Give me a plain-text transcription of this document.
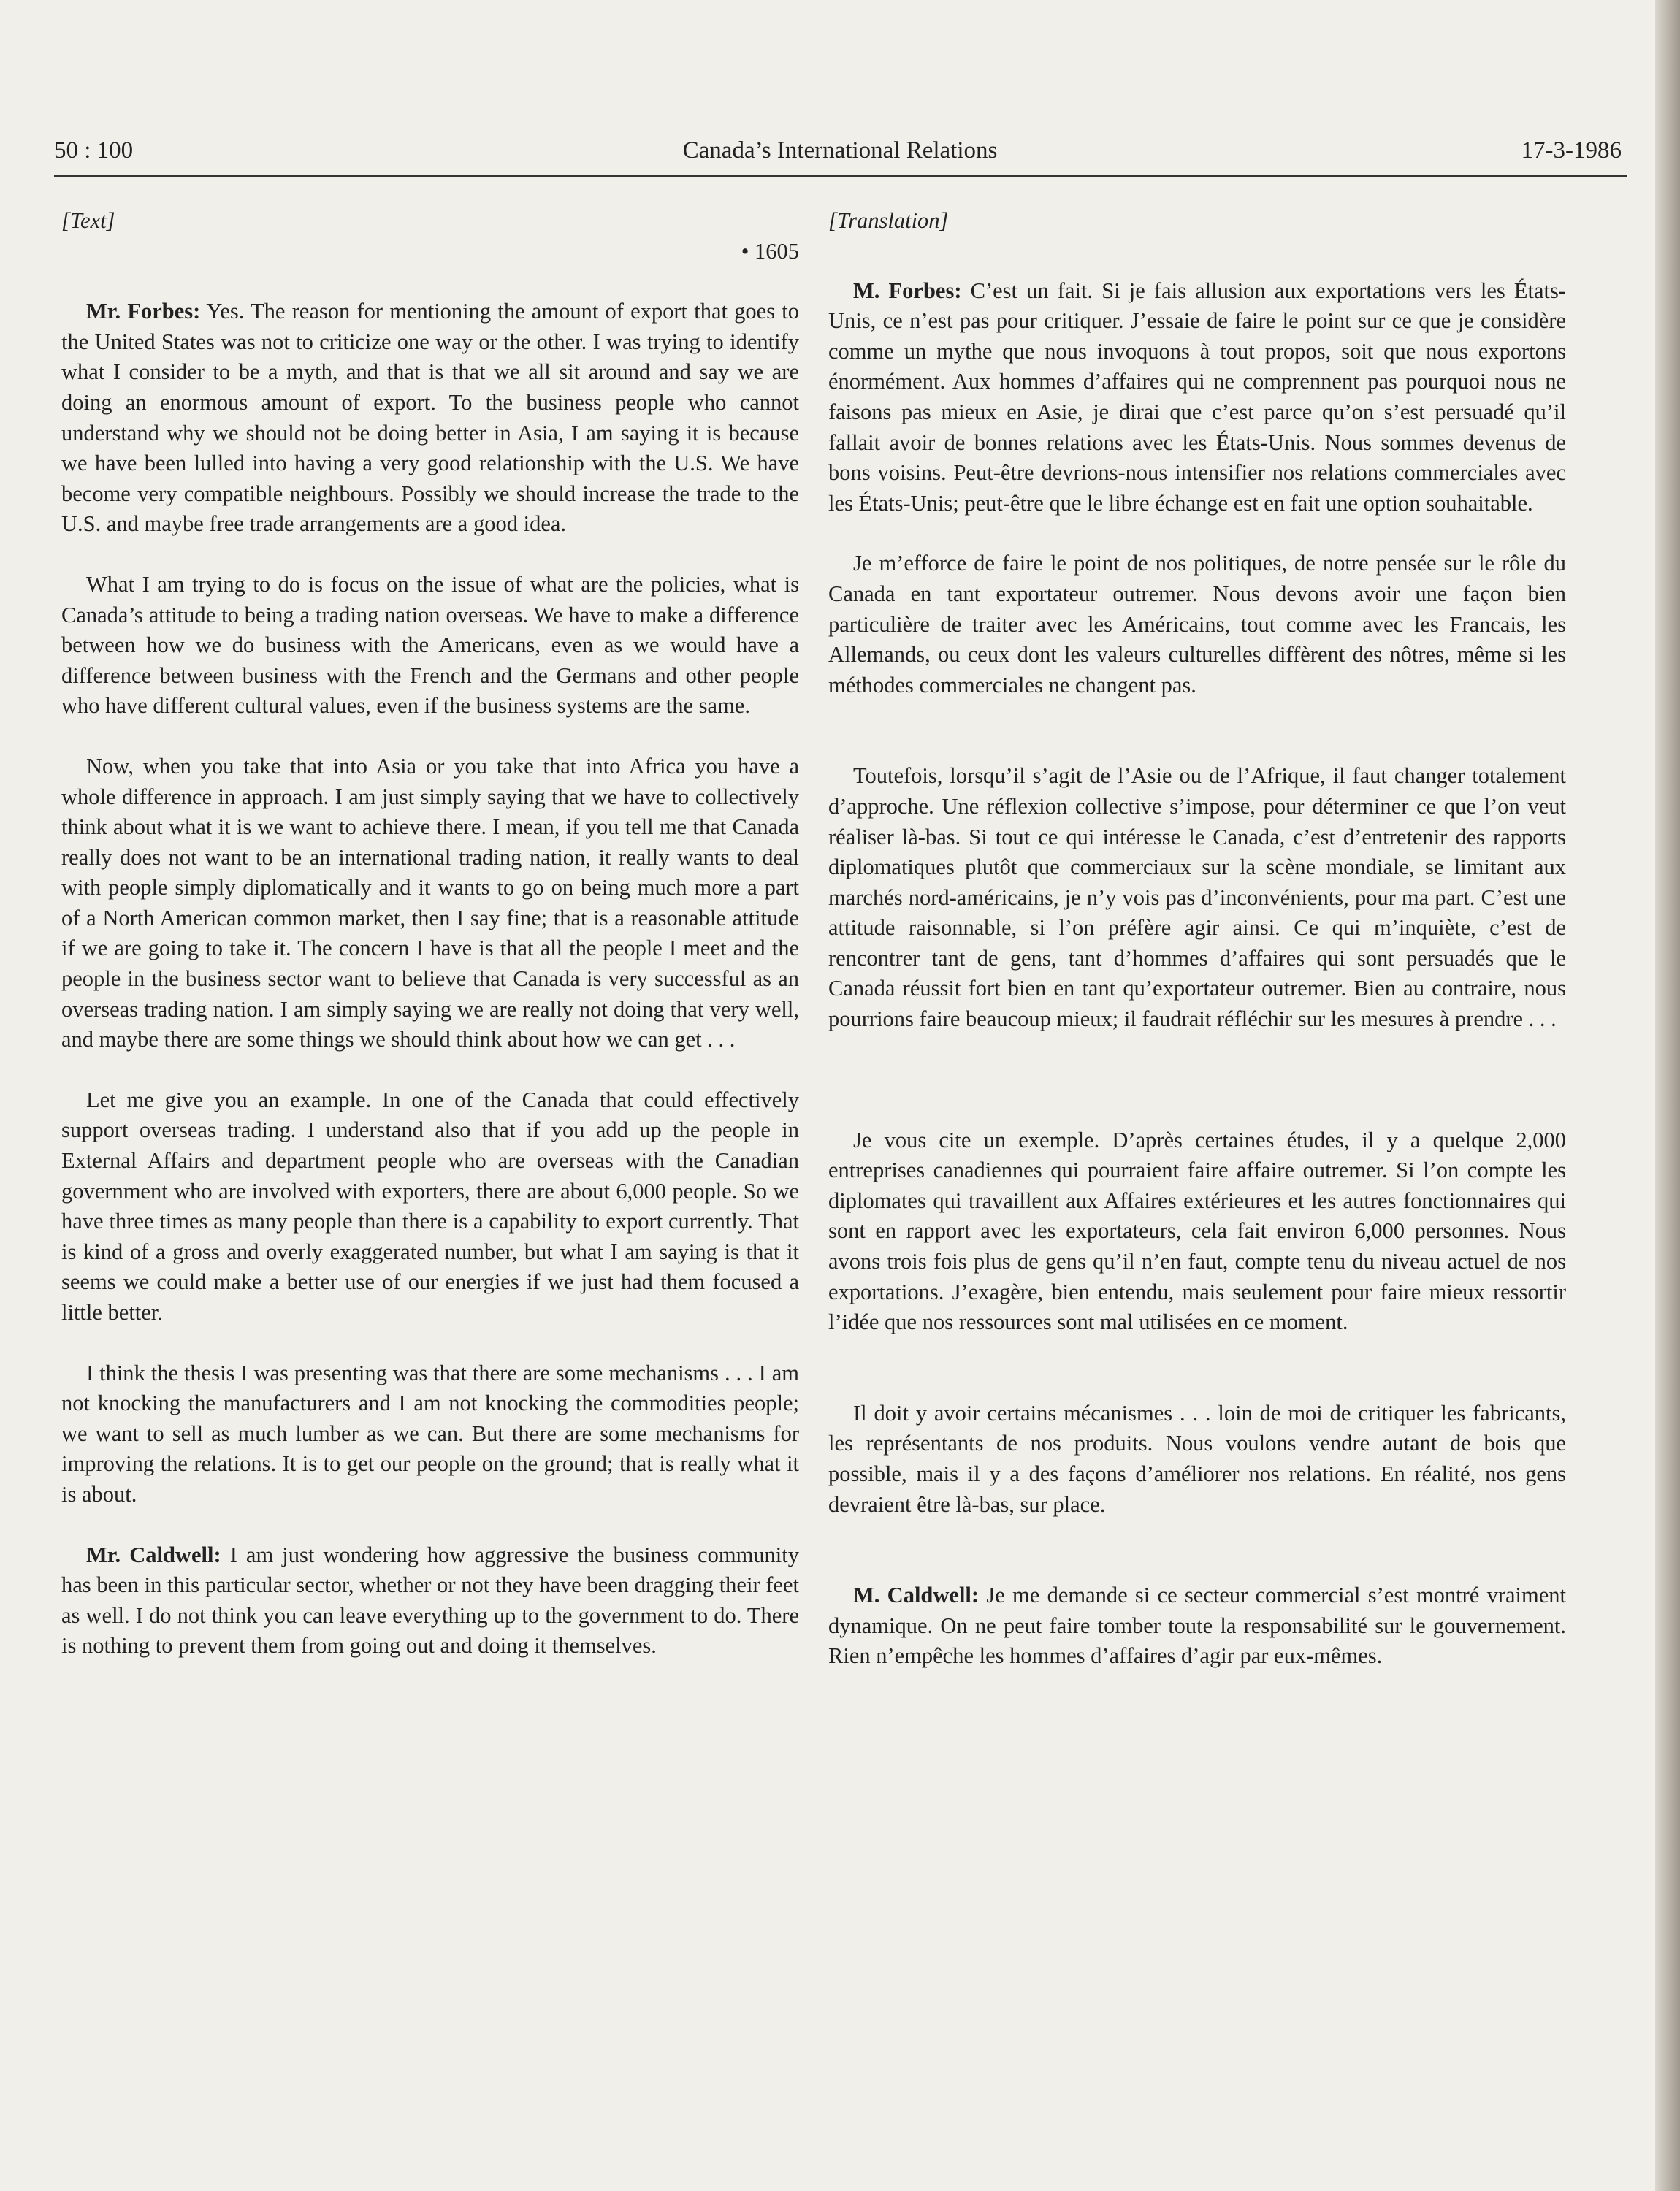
50 : 100	Canada’s International Relations	17-3-1986
[Text]
• 1605

Mr. Forbes: Yes. The reason for mentioning the amount of export that goes to the United States was not to criticize one way or the other. I was trying to identify what I consider to be a myth, and that is that we all sit around and say we are doing an enormous amount of export. To the business people who cannot understand why we should not be doing better in Asia, I am saying it is because we have been lulled into having a very good relationship with the U.S. We have become very compatible neighbours. Possibly we should increase the trade to the U.S. and maybe free trade arrangements are a good idea.

What I am trying to do is focus on the issue of what are the policies, what is Canada’s attitude to being a trading nation overseas. We have to make a difference between how we do business with the Americans, even as we would have a difference between business with the French and the Germans and other people who have different cultural values, even if the business systems are the same.

Now, when you take that into Asia or you take that into Africa you have a whole difference in approach. I am just simply saying that we have to collectively think about what it is we want to achieve there. I mean, if you tell me that Canada really does not want to be an international trading nation, it really wants to deal with people simply diplomatically and it wants to go on being much more a part of a North American common market, then I say fine; that is a reasonable attitude if we are going to take it. The concern I have is that all the people I meet and the people in the business sector want to believe that Canada is very successful as an overseas trading nation. I am simply saying we are really not doing that very well, and maybe there are some things we should think about how we can get . . .

Let me give you an example. In one of the Canada that could effectively support overseas trading. I understand also that if you add up the people in External Affairs and department people who are overseas with the Canadian government who are involved with exporters, there are about 6,000 people. So we have three times as many people than there is a capability to export currently. That is kind of a gross and overly exaggerated number, but what I am saying is that it seems we could make a better use of our energies if we just had them focused a little better.

I think the thesis I was presenting was that there are some mechanisms . . . I am not knocking the manufacturers and I am not knocking the commodities people; we want to sell as much lumber as we can. But there are some mechanisms for improving the relations. It is to get our people on the ground; that is really what it is about.

Mr. Caldwell: I am just wondering how aggressive the business community has been in this particular sector, whether or not they have been dragging their feet as well. I do not think you can leave everything up to the government to do. There is nothing to prevent them from going out and doing it themselves.

[Translation]

M. Forbes: C’est un fait. Si je fais allusion aux exportations vers les États-Unis, ce n’est pas pour critiquer. J’essaie de faire le point sur ce que je considère comme un mythe que nous invoquons à tout propos, soit que nous exportons énormément. Aux hommes d’affaires qui ne comprennent pas pourquoi nous ne faisons pas mieux en Asie, je dirai que c’est parce qu’on s’est persuadé qu’il fallait avoir de bonnes relations avec les États-Unis. Nous sommes devenus de bons voisins. Peut-être devrions-nous intensifier nos relations commerciales avec les États-Unis; peut-être que le libre échange est en fait une option souhaitable.

Je m’efforce de faire le point de nos politiques, de notre pensée sur le rôle du Canada en tant exportateur outremer. Nous devons avoir une façon bien particulière de traiter avec les Américains, tout comme avec les Francais, les Allemands, ou ceux dont les valeurs culturelles diffèrent des nôtres, même si les méthodes commerciales ne changent pas.

Toutefois, lorsqu’il s’agit de l’Asie ou de l’Afrique, il faut changer totalement d’approche. Une réflexion collective s’impose, pour déterminer ce que l’on veut réaliser là-bas. Si tout ce qui intéresse le Canada, c’est d’entretenir des rapports diplomatiques plutôt que commerciaux sur la scène mondiale, se limitant aux marchés nord-américains, je n’y vois pas d’inconvénients, pour ma part. C’est une attitude raisonnable, si l’on préfère agir ainsi. Ce qui m’inquiète, c’est de rencontrer tant de gens, tant d’hommes d’affaires qui sont persuadés que le Canada réussit fort bien en tant qu’exportateur outremer. Bien au contraire, nous pourrions faire beaucoup mieux; il faudrait réfléchir sur les mesures à prendre . . .

Je vous cite un exemple. D’après certaines études, il y a quelque 2,000 entreprises canadiennes qui pourraient faire affaire outremer. Si l’on compte les diplomates qui travaillent aux Affaires extérieures et les autres fonctionnaires qui sont en rapport avec les exportateurs, cela fait environ 6,000 personnes. Nous avons trois fois plus de gens qu’il n’en faut, compte tenu du niveau actuel de nos exportations. J’exagère, bien entendu, mais seulement pour faire mieux ressortir l’idée que nos ressources sont mal utilisées en ce moment.

Il doit y avoir certains mécanismes . . . loin de moi de critiquer les fabricants, les représentants de nos produits. Nous voulons vendre autant de bois que possible, mais il y a des façons d’améliorer nos relations. En réalité, nos gens devraient être là-bas, sur place.

M. Caldwell: Je me demande si ce secteur commercial s’est montré vraiment dynamique. On ne peut faire tomber toute la responsabilité sur le gouvernement. Rien n’empêche les hommes d’affaires d’agir par eux-mêmes.
